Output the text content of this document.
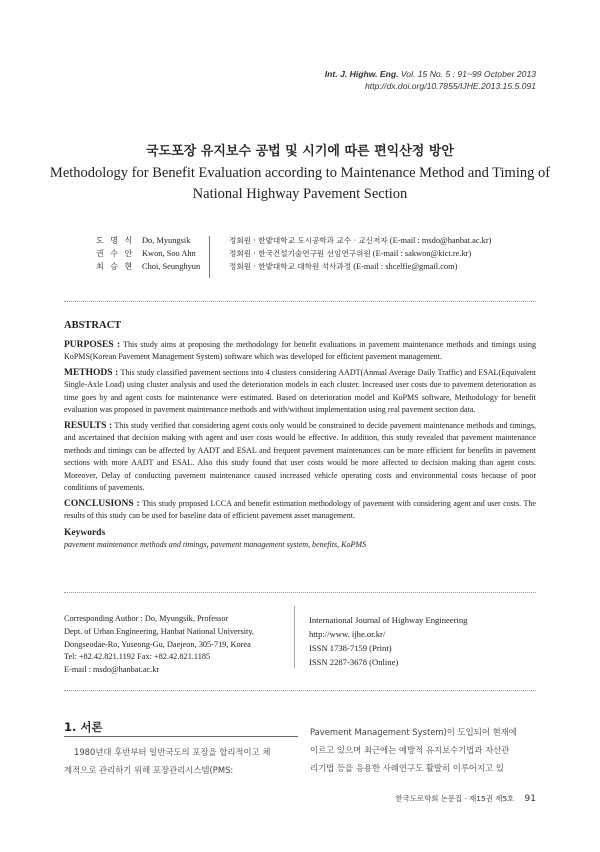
Int. J. Highw. Eng. Vol. 15 No. 5 : 91~99 October 2013
http://dx.doi.org/10.7855/IJHE.2013.15.5.091
국도포장 유지보수 공법 및 시기에 따른 편익산정 방안
Methodology for Benefit Evaluation according to Maintenance Method and Timing of
National Highway Pavement Section
도 명 식
권 수 안
최 승 현
Do, Myungsik
Kwon, Soo Ahn
Choi, Seunghyun
정회원 · 한밭대학교 도시공학과 교수 · 교신저자 (E-mail : msdo@hanbat.ac.kr)
정회원 · 한국건설기술연구원 선임연구위원 (E-mail : sakwon@kict.re.kr)
정회원 · 한밭대학교 대학원 석사과정 (E-mail : shcelfie@gmail.com)
ABSTRACT

PURPOSES : This study aims at proposing the methodology for benefit evaluations in pavement maintenance methods and timings using KoPMS(Korean Pavement Management System) software which was developed for efficient pavement management.

METHODS : This study classified pavement sections into 4 clusters considering AADT(Annual Average Daily Traffic) and ESAL(Equivalent Single-Axle Load) using cluster analysis and used the deterioration models in each cluster. Increased user costs due to pavement deterioration as time goes by and agent costs for maintenance were estimated. Based on deterioration model and KoPMS software, Methodology for benefit evaluation was proposed in pavement maintenance methods and with/without implementation using real pavement section data.

RESULTS : This study verified that considering agent costs only would be constrained to decide pavement maintenance methods and timings, and ascertained that decision making with agent and user costs would be effective. In addition, this study revealed that pavement maintenance methods and timings can be affected by AADT and ESAL and frequent pavement maintenances can be more efficient for benefits in pavement sections with more AADT and ESAL. Also this study found that user costs would be more affected to decision making than agent costs. Moreover, Delay of conducting pavement maintenance caused increased vehicle operating costs and environmental costs because of poor conditions of pavements.

CONCLUSIONS : This study proposed LCCA and benefit estimation methodology of pavement with considering agent and user costs. The results of this study can be used for baseline data of efficient pavement asset management.

Keywords
pavement maintenance methods and timings, pavement management system, benefits, KoPMS
Corresponding Author : Do, Myungsik, Professor
Dept. of Urban Engineering, Hanbat National University,
Dongseodae-Ro, Yuseong-Gu, Daejeon, 305-719, Korea
Tel: +82.42.821.1192 Fax: +82.42.821.1185
E-mail : msdo@hanbat.ac.kr
International Journal of Highway Engineering
http://www. ijhe.or.kr/
ISSN 1738-7159 (Print)
ISSN 2287-3678 (Online)
1. 서론
1980년대 후반부터 일반국도의 포장을 합리적이고 체
계적으로 관리하기 위해 포장관리시스템(PMS:
Pavement Management System)이 도입되어 현재에
이르고 있으며 최근에는 예방적 유지보수기법과 자산관
리기법 등을 응용한 사례연구도 활발히 이루어지고 있
한국도로학회 논문집 · 제15권 제5호 91
